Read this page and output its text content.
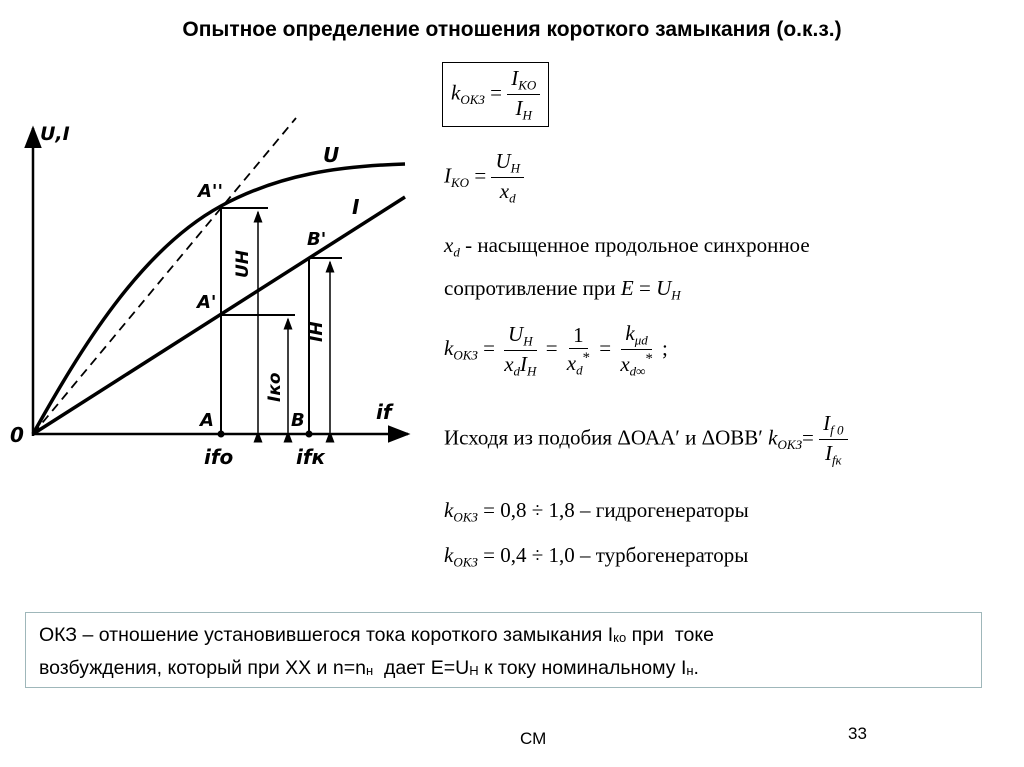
Опытное определение отношения короткого замыкания (о.к.з.)
U,I
0
if
U
I
A''
A'
B'
A	B
ifo	ifк
UH
Iко
IH
$k_{OKЗ} = \frac{I_{KO}}{I_H}$
$I_{KO} = \frac{U_H}{x_d}$
$x_d$ - насыщенное продольное синхронное
сопротивление при $E = U_H$
$k_{OKЗ} = \frac{U_H}{x_dI_H} = \frac{1}{x_d^*} = \frac{k_{\mu d}}{x_{d\infty}^*}$ ;
Исходя из подобия ΔОАА′ и ΔОВВ′ $k_{OKЗ}= \frac{I_{f 0}}{I_{fк}}$
$k_{OKЗ} = 0,8 \div 1,8$ – гидрогенераторы
$k_{OKЗ} = 0,4 \div 1,0$ – турбогенераторы
ОКЗ – отношение установившегося тока короткого замыкания Iко при  токе
возбуждения, который при ХХ и n=nн  дает E=UН к току номинальному Iн.
СМ	33
